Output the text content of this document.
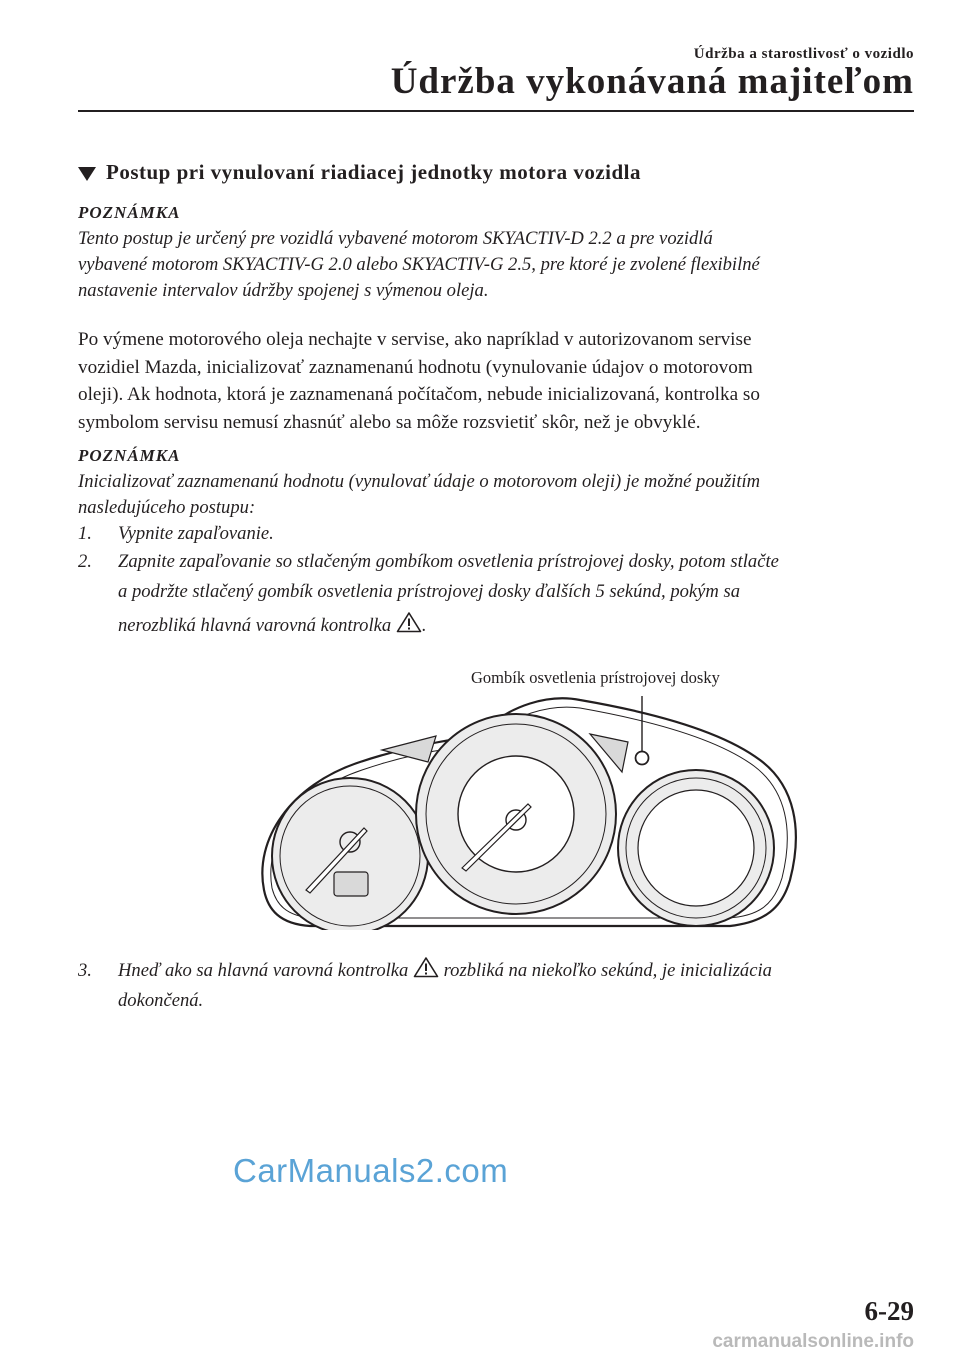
Údržba a starostlivosť o vozidlo
Údržba vykonávaná majiteľom
Postup pri vynulovaní riadiacej jednotky motora vozidla
POZNÁMKA
Tento postup je určený pre vozidlá vybavené motorom SKYACTIV-D 2.2 a pre vozidlá
vybavené motorom SKYACTIV-G 2.0 alebo SKYACTIV-G 2.5, pre ktoré je zvolené flexibilné
nastavenie intervalov údržby spojenej s výmenou oleja.
Po výmene motorového oleja nechajte v servise, ako napríklad v autorizovanom servise
vozidiel Mazda, inicializovať zaznamenanú hodnotu (vynulovanie údajov o motorovom
oleji). Ak hodnota, ktorá je zaznamenaná počítačom, nebude inicializovaná, kontrolka so
symbolom servisu nemusí zhasnúť alebo sa môže rozsvietiť skôr, než je obvyklé.
POZNÁMKA
Inicializovať zaznamenanú hodnotu (vynulovať údaje o motorovom oleji) je možné použitím
nasledujúceho postupu:
1. Vypnite zapaľovanie.
2. Zapnite zapaľovanie so stlačeným gombíkom osvetlenia prístrojovej dosky, potom stlačte
a podržte stlačený gombík osvetlenia prístrojovej dosky ďalších 5 sekúnd, pokým sa
nerozbliká hlavná varovná kontrolka .
Gombík osvetlenia prístrojovej dosky
3. Hneď ako sa hlavná varovná kontrolka rozbliká na niekoľko sekúnd, je inicializácia
dokončená.
CarManuals2.com
6-29
carmanualsonline.info
